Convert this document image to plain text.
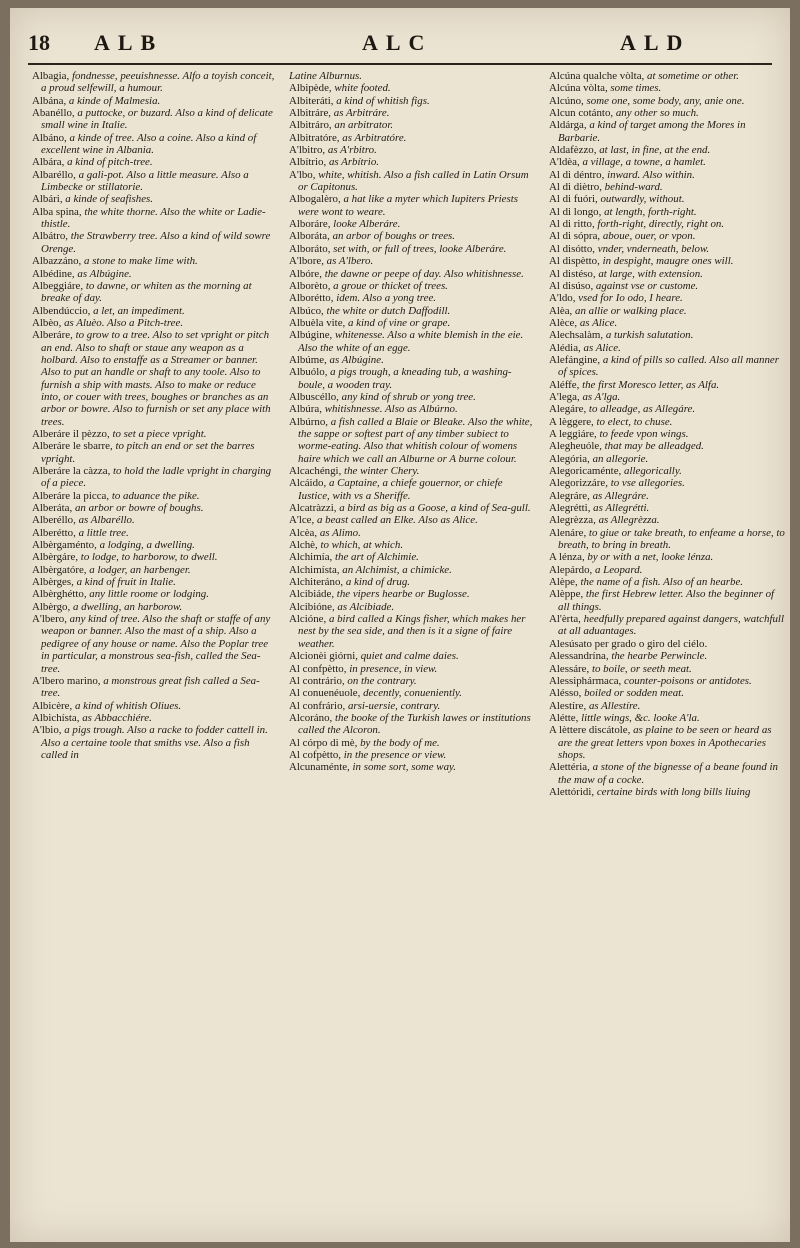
18 ALB	ALC	ALD

Albagia, fondnesse, peeuishnesse. Alfo a toyish conceit, a proud selfewill, a humour.

Albána, a kinde of Malmesia.

Abanéllo, a puttocke, or buzard. Also a kind of delicate small wine in Italie.

Albáno, a kinde of tree. Also a coine. Also a kind of excellent wine in Albania.

Albára, a kind of pitch-tree.

Albaréllo, a gali-pot. Also a little measure. Also a Limbecke or stillatorie.

Albári, a kinde of seafishes.

Alba spina, the white thorne. Also the white or Ladie-thistle.

Albátro, the Strawberry tree. Also a kind of wild sowre Orenge.

Albazzáno, a stone to make lime with.

Albédine, as Albúgine.

Albeggiáre, to dawne, or whiten as the morning at breake of day.

Albendúccio, a let, an impediment.

Albèo, as Aluèo. Also a Pitch-tree.

Alberáre, to grow to a tree. Also to set vpright or pitch an end. Also to shaft or staue any weapon as a holbard. Also to enstaffe as a Streamer or banner. Also to put an handle or shaft to any toole. Also to furnish a ship with masts. Also to make or reduce into, or couer with trees, boughes or branches as an arbor or bowre. Also to furnish or set any place with trees.

Alberáre il pèzzo, to set a piece vpright.

Alberáre le sbarre, to pitch an end or set the barres vpright.

Alberáre la càzza, to hold the ladle vpright in charging of a piece.

Alberáre la picca, to aduance the pike.

Alberáta, an arbor or bowre of boughs.

Alberéllo, as Albaréllo.

Alberétto, a little tree.

Albèrgaménto, a lodging, a dwelling.

Albèrgáre, to lodge, to harborow, to dwell.

Albèrgatóre, a lodger, an harbenger.

Albèrges, a kind of fruit in Italie.

Albèrghétto, any little roome or lodging.

Albèrgo, a dwelling, an harborow.

A'lbero, any kind of tree. Also the shaft or staffe of any weapon or banner. Also the mast of a ship. Also a pedigree of any house or name. Also the Poplar tree in particular, a monstrous sea-fish, called the Sea-tree.

A'lbero marino, a monstrous great fish called a Sea-tree.

Albicère, a kind of whitish Oliues.

Albichísta, as Abbacchiére.

A'lbio, a pigs trough. Also a racke to fodder cattell in. Also a certaine toole that smiths vse. Also a fish called in

Latine Alburnus.

Albipède, white footed.

Albiteráti, a kind of whitish figs.

Albitráre, as Arbitráre.

Albitráro, an arbitrator.

Albitratóre, as Arbitratóre.

A'lbitro, as A'rbitro.

Albítrio, as Arbítrio.

A'lbo, white, whitish. Also a fish called in Latin Orsum or Capitonus.

Albogalèro, a hat like a myter which Iupiters Priests were wont to weare.

Alboráre, looke Alberáre.

Alboráta, an arbor of boughs or trees.

Alboráto, set with, or full of trees, looke Alberáre.

A'lbore, as A'lbero.

Albóre, the dawne or peepe of day. Also whitishnesse.

Alborèto, a groue or thicket of trees.

Alborétto, idem. Also a yong tree.

Albúco, the white or dutch Daffodill.

Albuèla vite, a kind of vine or grape.

Albúgine, whitenesse. Also a white blemish in the eie. Also the white of an egge.

Albúme, as Albúgine.

Albuólo, a pigs trough, a kneading tub, a washing-boule, a wooden tray.

Albuscéllo, any kind of shrub or yong tree.

Albúra, whitishnesse. Also as Albúrno.

Albúrno, a fish called a Blaie or Bleake. Also the white, the sappe or softest part of any timber subiect to worme-eating. Also that whitish colour of womens haire which we call an Alburne or A burne colour.

Alcachéngi, the winter Chery.

Alcáido, a Captaine, a chiefe gouernor, or chiefe Iustice, with vs a Sheriffe.

Alcatràzzi, a bird as big as a Goose, a kind of Sea-gull.

A'lce, a beast called an Elke. Also as Alice.

Alcèa, as Alimo.

Alchè, to which, at which.

Alchimía, the art of Alchimie.

Alchimísta, an Alchimist, a chimicke.

Alchiteráno, a kind of drug.

Alcibiáde, the vipers hearbe or Buglosse.

Alcibióne, as Alcibiade.

Alcióne, a bird called a Kings fisher, which makes her nest by the sea side, and then is it a signe of faire weather.

Alcionèi giórni, quiet and calme daies.

Al confpètto, in presence, in view.

Al contrário, on the contrary.

Al conuenéuole, decently, conueniently.

Al confrário, arsi-uersie, contrary.

Alcoráno, the booke of the Turkish lawes or institutions called the Alcoron.

Al córpo di mè, by the body of me.

Al cofpètto, in the presence or view.

Alcunaménte, in some sort, some way.

Alcúna qualche vòlta, at sometime or other.

Alcúna vòlta, some times.

Alcúno, some one, some body, any, anie one.

Alcun cotánto, any other so much.

Aldárga, a kind of target among the Mores in Barbarie.

Aldafèzzo, at last, in fine, at the end.

A'ldèa, a village, a towne, a hamlet.

Al di déntro, inward. Also within.

Al di diètro, behind-ward.

Al di fuóri, outwardly, without.

Al di longo, at length, forth-right.

Al di ritto, forth-right, directly, right on.

Al di sópra, aboue, ouer, or vpon.

Al disótto, vnder, vnderneath, below.

Al dispètto, in despight, maugre ones will.

Al distéso, at large, with extension.

Al disúso, against vse or custome.

A'ldo, vsed for Io odo, I heare.

Alèa, an allie or walking place.

Alèce, as Alice.

Alechsalàm, a turkish salutation.

Alédia, as Alice.

Alefángine, a kind of pills so called. Also all manner of spices.

Aléffe, the first Moresco letter, as Alfa.

A'lega, as A'lga.

Alegáre, to alleadge, as Allegáre.

A lèggere, to elect, to chuse.

A leggiáre, to feede vpon wings.

Alegheuóle, that may be alleadged.

Alegória, an allegorie.

Alegoricaménte, allegorically.

Alegorizzáre, to vse allegories.

Alegráre, as Allegráre.

Alegrétti, as Allegrétti.

Alegrèzza, as Allegrèzza.

Alenáre, to giue or take breath, to enfeame a horse, to breath, to bring in breath.

A lénza, by or with a net, looke lénza.

Alepárdo, a Leopard.

Alèpe, the name of a fish. Also of an hearbe.

Alèppe, the first Hebrew letter. Also the beginner of all things.

Al'èrta, heedfully prepared against dangers, watchfull at all aduantages.

Alesúsato per grado o giro del ciélo.

Alessandrína, the hearbe Perwincle.

Alessáre, to boile, or seeth meat.

Alessiphármaca, counter-poisons or antidotes.

Alésso, boiled or sodden meat.

Alestíre, as Allestíre.

Alétte, little wings, &c. looke A'la.

A lèttere discátole, as plaine to be seen or heard as are the great letters vpon boxes in Apothecaries shops.

Alettéria, a stone of the bignesse of a beane found in the maw of a cocke.

Alettóridi, certaine birds with long bills liuing
